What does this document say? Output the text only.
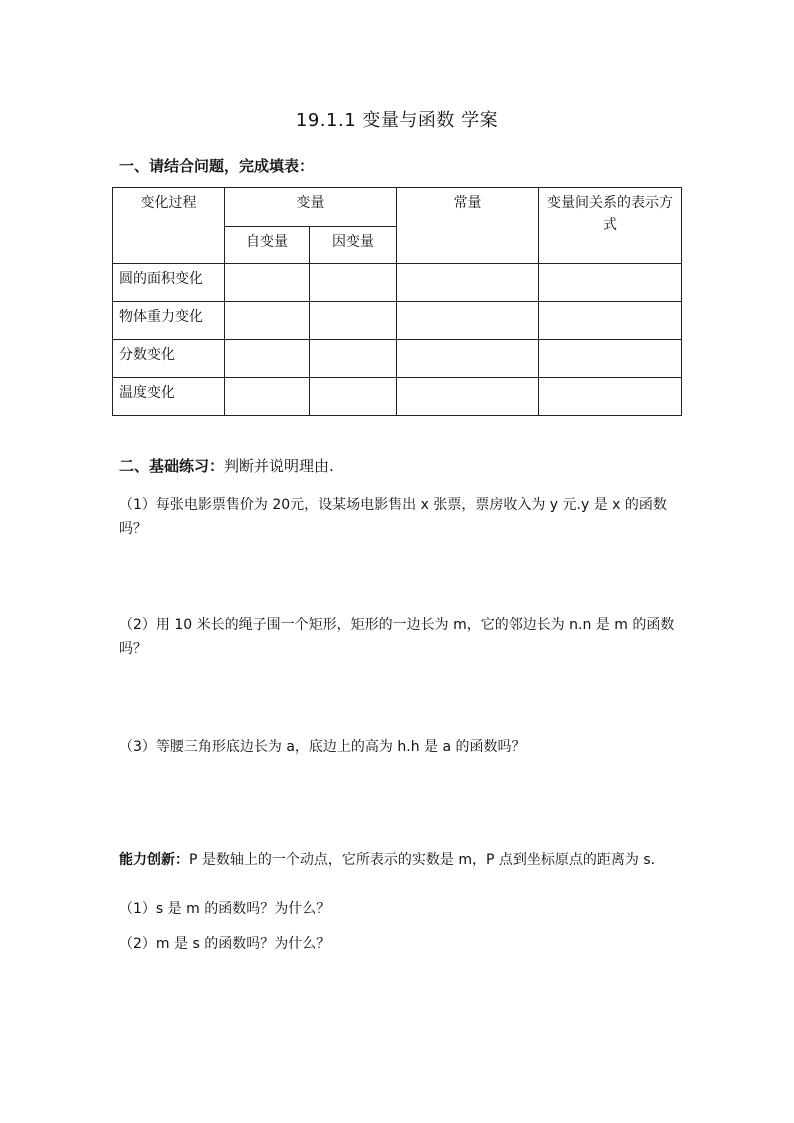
19.1.1 变量与函数 学案
一、请结合问题，完成填表：
变化过程	变量		常量	变量间关系的表示方式
	自变量	因变量		
圆的面积变化				
物体重力变化				
分数变化				
温度变化				
二、基础练习：判断并说明理由.
（1）每张电影票售价为 20元，设某场电影售出 x 张票，票房收入为 y 元.y 是 x 的函数吗？
（2）用 10 米长的绳子围一个矩形，矩形的一边长为 m，它的邻边长为 n.n 是 m 的函数吗？
（3）等腰三角形底边长为 a，底边上的高为 h.h 是 a 的函数吗？
能力创新：P 是数轴上的一个动点，它所表示的实数是 m，P 点到坐标原点的距离为 s.
（1）s 是 m 的函数吗？为什么？
（2）m 是 s 的函数吗？为什么？
